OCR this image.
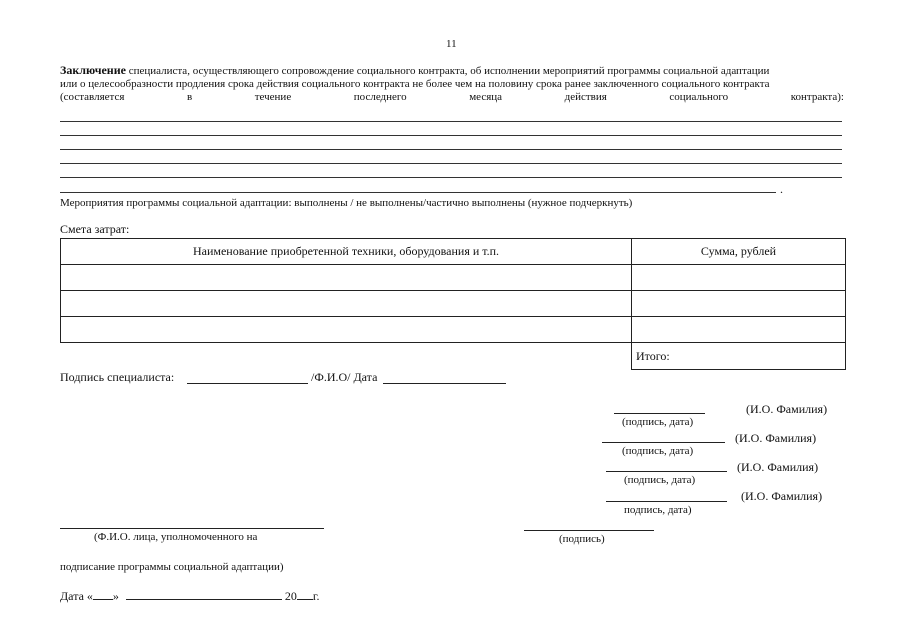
11
Заключение специалиста, осуществляющего сопровождение социального контракта, об исполнении мероприятий программы социальной адаптации
или о целесообразности продления срока действия социального контракта не более чем на половину срока ранее заключенного социального контракта
(составляется	в	течение	последнего	месяца	действия	социального	контракта):
.
Мероприятия программы социальной адаптации: выполнены / не выполнены/частично выполнены (нужное подчеркнуть)
Смета затрат:
Наименование приобретенной техники, оборудования и т.п.	Сумма, рублей

	Итого:
Подпись специалиста:	/Ф.И.О/ Дата
(И.О. Фамилия)
(подпись, дата)
(И.О. Фамилия)
(подпись, дата)
(И.О. Фамилия)
(подпись, дата)
(И.О. Фамилия)
подпись, дата)
(Ф.И.О. лица, уполномоченного на	(подпись)
подписание программы социальной адаптации)
Дата « »	20 г.
